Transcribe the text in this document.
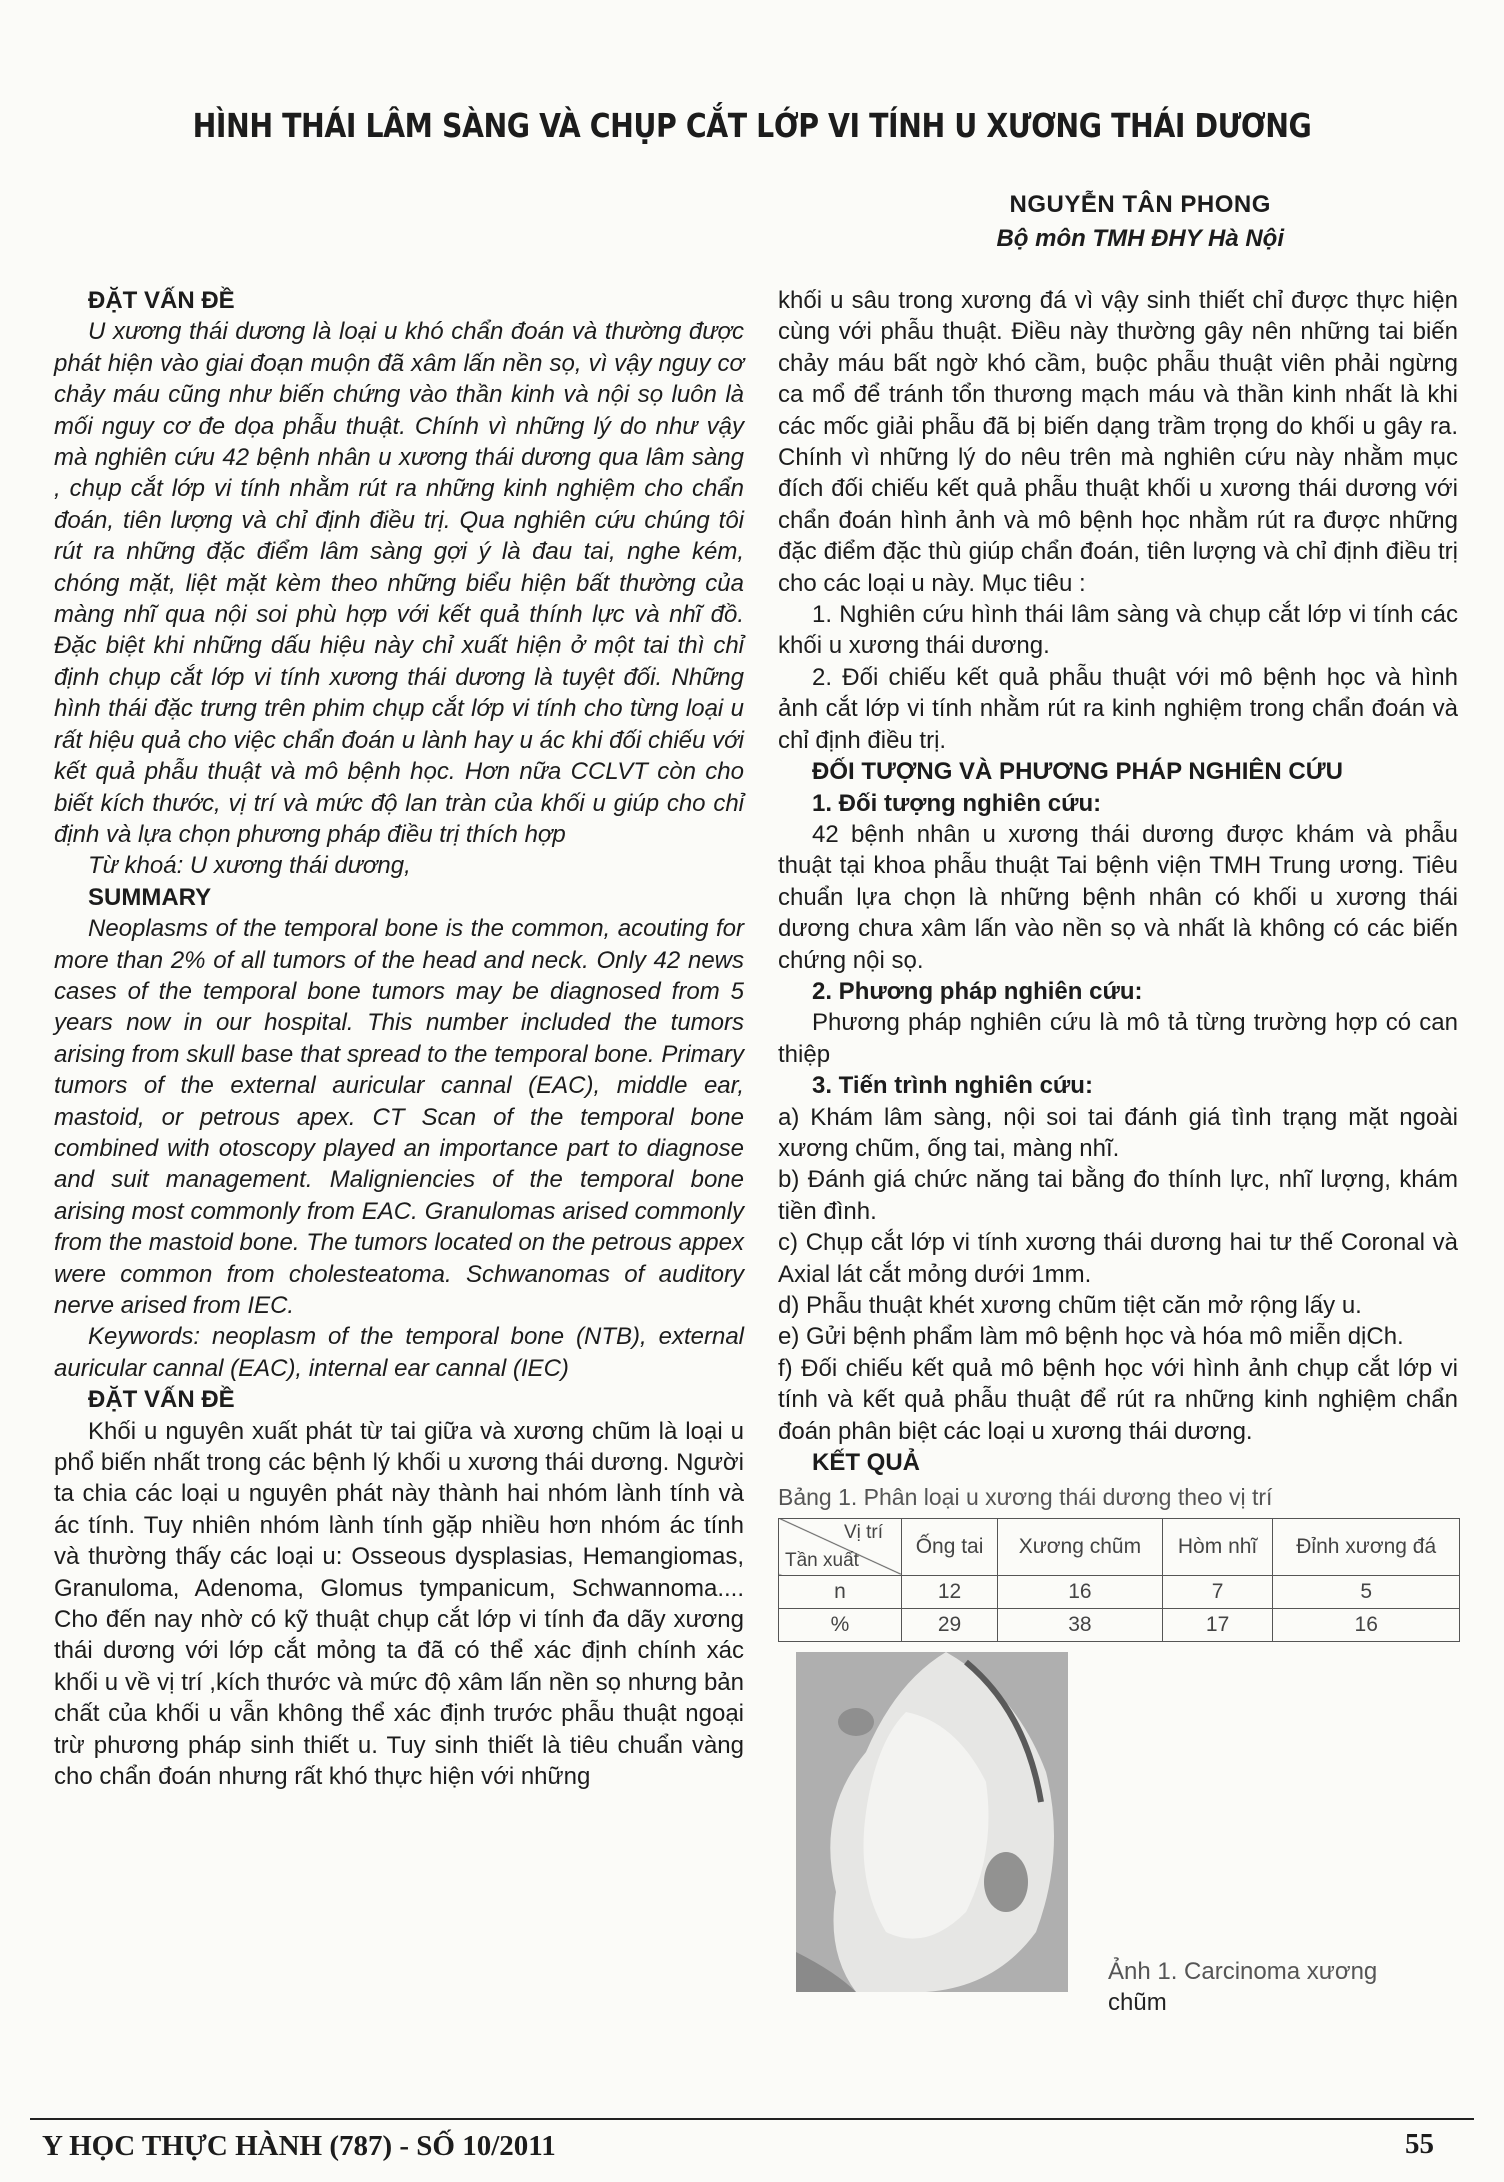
HÌNH THÁI LÂM SÀNG VÀ CHỤP CẮT LỚP VI TÍNH U XƯƠNG THÁI DƯƠNG
NGUYỄN TÂN PHONG
Bộ môn TMH ĐHY Hà Nội

ĐẶT VẤN ĐỀ

U xương thái dương là loại u khó chẩn đoán và thường được phát hiện vào giai đoạn muộn đã xâm lấn nền sọ, vì vậy nguy cơ chảy máu cũng như biến chứng vào thần kinh và nội sọ luôn là mối nguy cơ đe dọa phẫu thuật. Chính vì những lý do như vậy mà nghiên cứu 42 bệnh nhân u xương thái dương qua lâm sàng , chụp cắt lớp vi tính nhằm rút ra những kinh nghiệm cho chẩn đoán, tiên lượng và chỉ định điều trị. Qua nghiên cứu chúng tôi rút ra những đặc điểm lâm sàng gợi ý là đau tai, nghe kém, chóng mặt, liệt mặt kèm theo những biểu hiện bất thường của màng nhĩ qua nội soi phù hợp với kết quả thính lực và nhĩ đồ. Đặc biệt khi những dấu hiệu này chỉ xuất hiện ở một tai thì chỉ định chụp cắt lớp vi tính xương thái dương là tuyệt đối. Những hình thái đặc trưng trên phim chụp cắt lớp vi tính cho từng loại u rất hiệu quả cho việc chẩn đoán u lành hay u ác khi đối chiếu với kết quả phẫu thuật và mô bệnh học. Hơn nữa CCLVT còn cho biết kích thước, vị trí và mức độ lan tràn của khối u giúp cho chỉ định và lựa chọn phương pháp điều trị thích hợp

Từ khoá: U xương thái dương,

SUMMARY

Neoplasms of the temporal bone is the common, acouting for more than 2% of all tumors of the head and neck. Only 42 news cases of the temporal bone tumors may be diagnosed from 5 years now in our hospital. This number included the tumors arising from skull base that spread to the temporal bone. Primary tumors of the external auricular cannal (EAC), middle ear, mastoid, or petrous apex. CT Scan of the temporal bone combined with otoscopy played an importance part to diagnose and suit management. Maligniencies of the temporal bone arising most commonly from EAC. Granulomas arised commonly from the mastoid bone. The tumors located on the petrous appex were common from cholesteatoma. Schwanomas of auditory nerve arised from IEC.

Keywords: neoplasm of the temporal bone (NTB), external auricular cannal (EAC), internal ear cannal (IEC)

ĐẶT VẤN ĐỀ

Khối u nguyên xuất phát từ tai giữa và xương chũm là loại u phổ biến nhất trong các bệnh lý khối u xương thái dương. Người ta chia các loại u nguyên phát này thành hai nhóm lành tính và ác tính. Tuy nhiên nhóm lành tính gặp nhiều hơn nhóm ác tính và thường thấy các loại u: Osseous dysplasias, Hemangiomas, Granuloma, Adenoma, Glomus tympanicum, Schwannoma.... Cho đến nay nhờ có kỹ thuật chụp cắt lớp vi tính đa dãy xương thái dương với lớp cắt mỏng ta đã có thể xác định chính xác khối u về vị trí ,kích thước và mức độ xâm lấn nền sọ nhưng bản chất của khối u vẫn không thể xác định trước phẫu thuật ngoại trừ phương pháp sinh thiết u. Tuy sinh thiết là tiêu chuẩn vàng cho chẩn đoán nhưng rất khó thực hiện với những

khối u sâu trong xương đá vì vậy sinh thiết chỉ được thực hiện cùng với phẫu thuật. Điều này thường gây nên những tai biến chảy máu bất ngờ khó cầm, buộc phẫu thuật viên phải ngừng ca mổ để tránh tổn thương mạch máu và thần kinh nhất là khi các mốc giải phẫu đã bị biến dạng trầm trọng do khối u gây ra. Chính vì những lý do nêu trên mà nghiên cứu này nhằm mục đích đối chiếu kết quả phẫu thuật khối u xương thái dương với chẩn đoán hình ảnh và mô bệnh học nhằm rút ra được những đặc điểm đặc thù giúp chẩn đoán, tiên lượng và chỉ định điều trị cho các loại u này. Mục tiêu :

1. Nghiên cứu hình thái lâm sàng và chụp cắt lớp vi tính các khối u xương thái dương.

2. Đối chiếu kết quả phẫu thuật với mô bệnh học và hình ảnh cắt lớp vi tính nhằm rút ra kinh nghiệm trong chẩn đoán và chỉ định điều trị.

ĐỐI TƯỢNG VÀ PHƯƠNG PHÁP NGHIÊN CỨU

1. Đối tượng nghiên cứu:

42 bệnh nhân u xương thái dương được khám và phẫu thuật tại khoa phẫu thuật Tai bệnh viện TMH Trung ương. Tiêu chuẩn lựa chọn là những bệnh nhân có khối u xương thái dương chưa xâm lấn vào nền sọ và nhất là không có các biến chứng nội sọ.

2. Phương pháp nghiên cứu:

Phương pháp nghiên cứu là mô tả từng trường hợp có can thiệp

3. Tiến trình nghiên cứu:

a) Khám lâm sàng, nội soi tai đánh giá tình trạng mặt ngoài xương chũm, ống tai, màng nhĩ.

b) Đánh giá chức năng tai bằng đo thính lực, nhĩ lượng, khám tiền đình.

c) Chụp cắt lớp vi tính xương thái dương hai tư thế Coronal và Axial lát cắt mỏng dưới 1mm.

d) Phẫu thuật khét xương chũm tiệt căn mở rộng lấy u.

e) Gửi bệnh phẩm làm mô bệnh học và hóa mô miễn dịCh.

f) Đối chiếu kết quả mô bệnh học với hình ảnh chụp cắt lớp vi tính và kết quả phẫu thuật để rút ra những kinh nghiệm chẩn đoán phân biệt các loại u xương thái dương.

KẾT QUẢ

Bảng 1. Phân loại u xương thái dương theo vị trí
Vị trí
Tần xuất	Ống tai	Xương chũm	Hòm nhĩ	Đỉnh xương đá
n	12	16	7	5
%	29	38	17	16
Ảnh 1. Carcinoma xương
chũm
Y HỌC THỰC HÀNH (787) - SỐ 10/2011	55
